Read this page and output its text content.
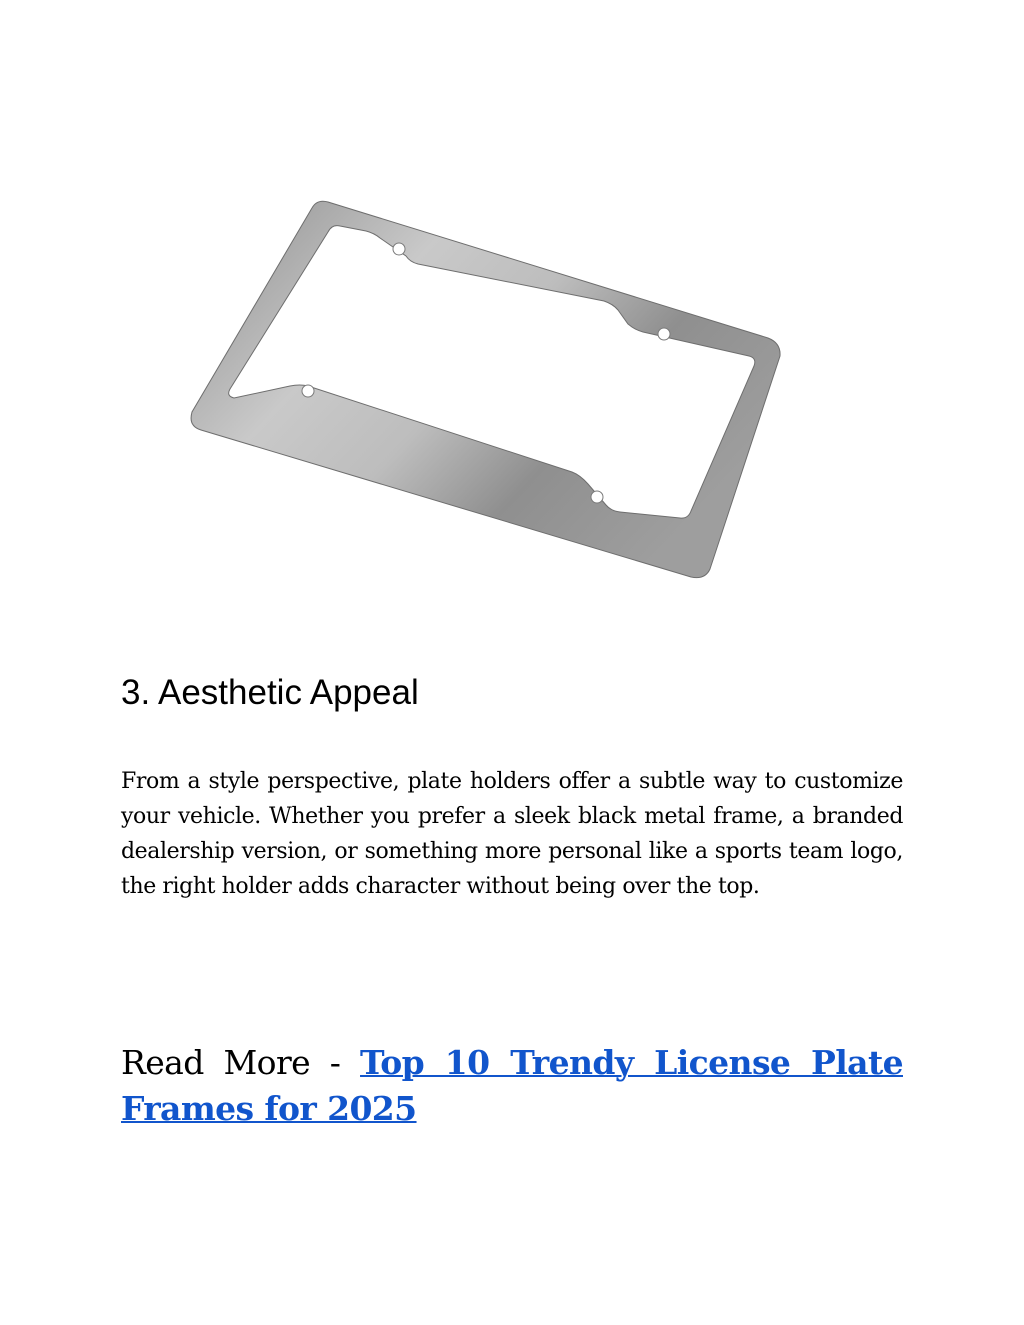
3. Aesthetic Appeal

From a style perspective, plate holders offer a subtle way to customize your vehicle. Whether you prefer a sleek black metal frame, a branded dealership version, or something more personal like a sports team logo, the right holder adds character without being over the top.

Read More - Top 10 Trendy License Plate Frames for 2025
